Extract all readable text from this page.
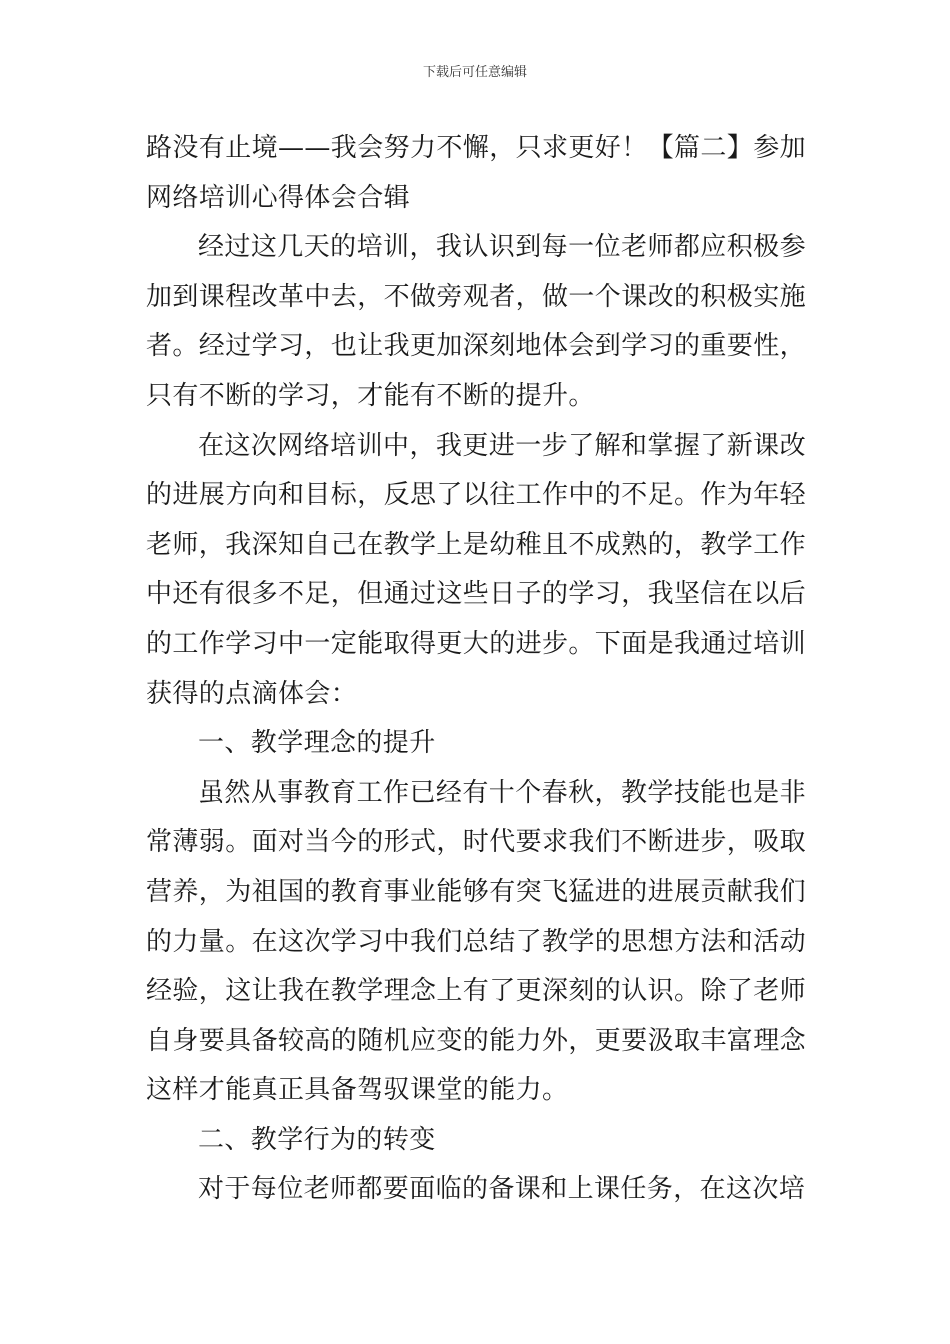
下载后可任意编辑

路没有止境——我会努力不懈，只求更好！【篇二】参加网络培训心得体会合辑

经过这几天的培训，我认识到每一位老师都应积极参加到课程改革中去，不做旁观者，做一个课改的积极实施者。经过学习，也让我更加深刻地体会到学习的重要性，只有不断的学习，才能有不断的提升。

在这次网络培训中，我更进一步了解和掌握了新课改的进展方向和目标，反思了以往工作中的不足。作为年轻老师，我深知自己在教学上是幼稚且不成熟的，教学工作中还有很多不足，但通过这些日子的学习，我坚信在以后的工作学习中一定能取得更大的进步。下面是我通过培训获得的点滴体会：

一、教学理念的提升

虽然从事教育工作已经有十个春秋，教学技能也是非常薄弱。面对当今的形式，时代要求我们不断进步，吸取营养，为祖国的教育事业能够有突飞猛进的进展贡献我们的力量。在这次学习中我们总结了教学的思想方法和活动经验，这让我在教学理念上有了更深刻的认识。除了老师自身要具备较高的随机应变的能力外，更要汲取丰富理念这样才能真正具备驾驭课堂的能力。

二、教学行为的转变

对于每位老师都要面临的备课和上课任务，在这次培
